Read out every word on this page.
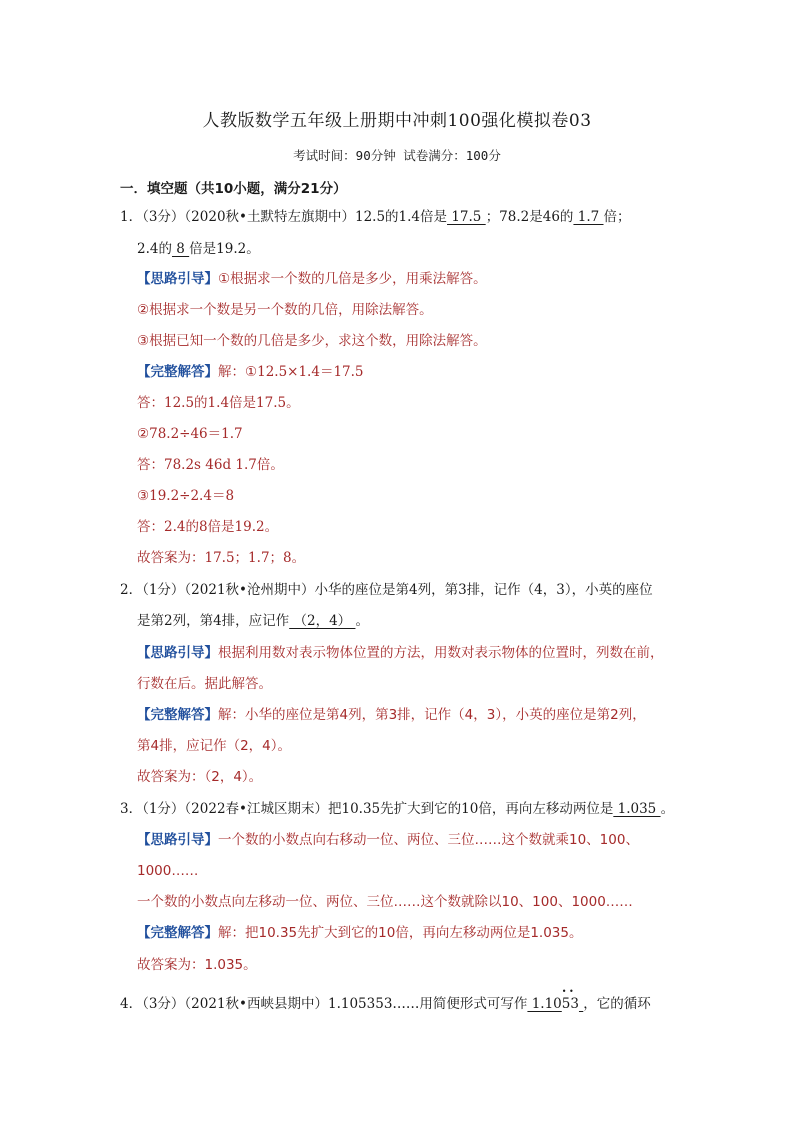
人教版数学五年级上册期中冲刺100强化模拟卷03
考试时间：90分钟 试卷满分：100分
一．填空题（共10小题，满分21分）
1．（3分）（2020秋•土默特左旗期中）12.5的1.4倍是 17.5 ；78.2是46的 1.7 倍；
2.4的 8 倍是19.2。
【思路引导】①根据求一个数的几倍是多少，用乘法解答。
②根据求一个数是另一个数的几倍，用除法解答。
③根据已知一个数的几倍是多少，求这个数，用除法解答。
【完整解答】解：①12.5×1.4＝17.5
答：12.5的1.4倍是17.5。
②78.2÷46＝1.7
答：78.2s 46d 1.7倍。
③19.2÷2.4＝8
答：2.4的8倍是19.2。
故答案为：17.5；1.7；8。
2．（1分）（2021秋•沧州期中）小华的座位是第4列，第3排，记作（4，3），小英的座位
是第2列，第4排，应记作 （2，4） 。
【思路引导】根据利用数对表示物体位置的方法，用数对表示物体的位置时，列数在前，
行数在后。据此解答。
【完整解答】解：小华的座位是第4列，第3排，记作（4，3），小英的座位是第2列，
第4排，应记作（2，4）。
故答案为：（2，4）。
3．（1分）（2022春•江城区期末）把10.35先扩大到它的10倍，再向左移动两位是 1.035 。
【思路引导】一个数的小数点向右移动一位、两位、三位……这个数就乘10、100、
1000……
一个数的小数点向左移动一位、两位、三位……这个数就除以10、100、1000……
【完整解答】解：把10.35先扩大到它的10倍，再向左移动两位是1.035。
故答案为：1.035。
4．（3分）（2021秋•西峡县期中）1.105353……用简便形式可写作 1.10• • 53 ，它的循环
